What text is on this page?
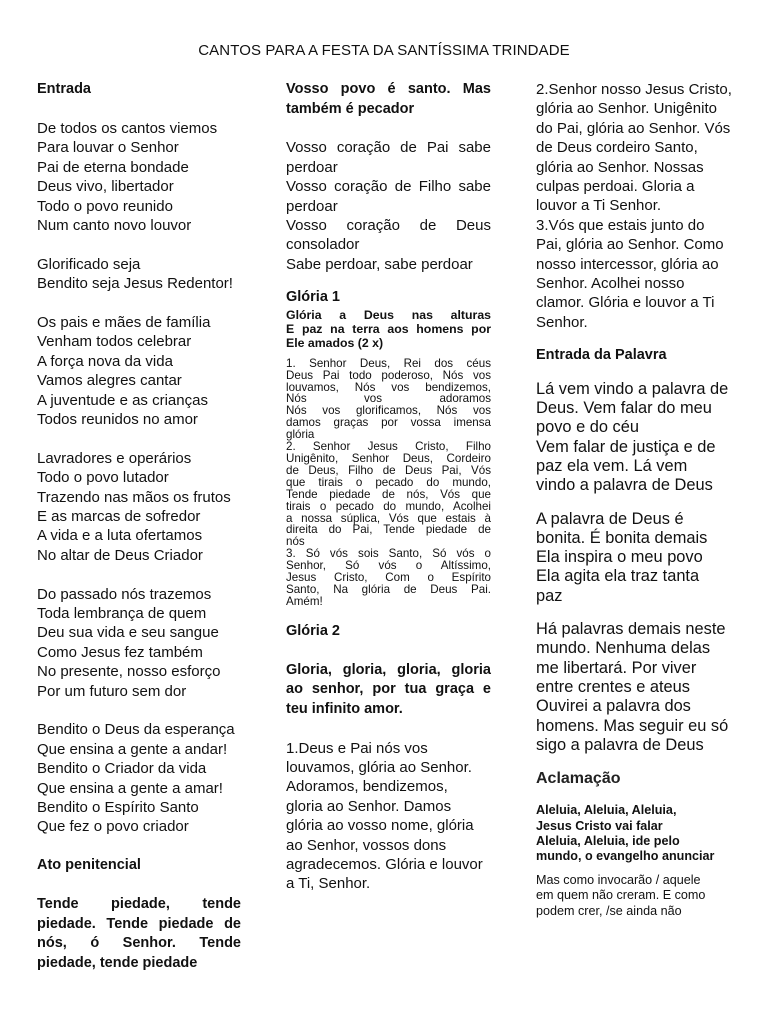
CANTOS PARA A FESTA DA SANTÍSSIMA TRINDADE
Entrada
De todos os cantos viemos
Para louvar o Senhor
Pai de eterna bondade
Deus vivo, libertador
Todo o povo reunido
Num canto novo louvor
Glorificado seja
Bendito seja Jesus Redentor!
Os pais e mães de família
Venham todos celebrar
A força nova da vida
Vamos alegres cantar
A juventude e as crianças
Todos reunidos no amor
Lavradores e operários
Todo o povo lutador
Trazendo nas mãos os frutos
E as marcas de sofredor
A vida e a luta ofertamos
No altar de Deus Criador
Do passado nós trazemos
Toda lembrança de quem
Deu sua vida e seu sangue
Como Jesus fez também
No presente, nosso esforço
Por um futuro sem dor
Bendito o Deus da esperança
Que ensina a gente a andar!
Bendito o Criador da vida
Que ensina a gente a amar!
Bendito o Espírito Santo
Que fez o povo criador
Ato penitencial
Tende piedade, tende
piedade. Tende piedade de
nós, ó Senhor. Tende
piedade, tende piedade
Vosso povo é santo. Mas
também é pecador
Vosso coração de Pai sabe
perdoar
Vosso coração de Filho sabe
perdoar
Vosso coração de Deus
consolador
Sabe perdoar, sabe perdoar
Glória 1
Glória a Deus nas alturas
E paz na terra aos homens por
Ele amados (2 x)
1. Senhor Deus, Rei dos céus
Deus Pai todo poderoso, Nós vos
louvamos, Nós vos bendizemos,
Nós vos adoramos
Nós vos glorificamos, Nós vos
damos graças por vossa imensa
glória
2. Senhor Jesus Cristo, Filho
Unigênito, Senhor Deus, Cordeiro
de Deus, Filho de Deus Pai, Vós
que tirais o pecado do mundo,
Tende piedade de nós, Vós que
tirais o pecado do mundo, Acolhei
a nossa súplica, Vós que estais à
direita do Pai, Tende piedade de
nós
3. Só vós sois Santo, Só vós o
Senhor, Só vós o Altíssimo,
Jesus Cristo, Com o Espírito
Santo, Na glória de Deus Pai.
Amém!
Glória 2
Gloria, gloria, gloria, gloria
ao senhor, por tua graça e
teu infinito amor.
1.Deus e Pai nós vos
louvamos, glória ao Senhor.
Adoramos, bendizemos,
gloria ao Senhor. Damos
glória ao vosso nome, glória
ao Senhor, vossos dons
agradecemos. Glória e louvor
a Ti, Senhor.
2.Senhor nosso Jesus Cristo,
glória ao Senhor. Unigênito
do Pai, glória ao Senhor. Vós
de Deus cordeiro Santo,
glória ao Senhor. Nossas
culpas perdoai. Gloria a
louvor a Ti Senhor.
3.Vós que estais junto do
Pai, glória ao Senhor. Como
nosso intercessor, glória ao
Senhor. Acolhei nosso
clamor. Glória e louvor a Ti
Senhor.
Entrada da Palavra
Lá vem vindo a palavra de
Deus. Vem falar do meu
povo e do céu
Vem falar de justiça e de
paz ela vem. Lá vem
vindo a palavra de Deus
A palavra de Deus é
bonita. É bonita demais
Ela inspira o meu povo
Ela agita ela traz tanta
paz
Há palavras demais neste
mundo. Nenhuma delas
me libertará. Por viver
entre crentes e ateus
Ouvirei a palavra dos
homens. Mas seguir eu só
sigo a palavra de Deus
Aclamação
Aleluia, Aleluia, Aleluia,
Jesus Cristo vai falar
Aleluia, Aleluia, ide pelo
mundo, o evangelho anunciar
Mas como invocarão / aquele
em quem não creram. E como
podem crer, /se ainda não
